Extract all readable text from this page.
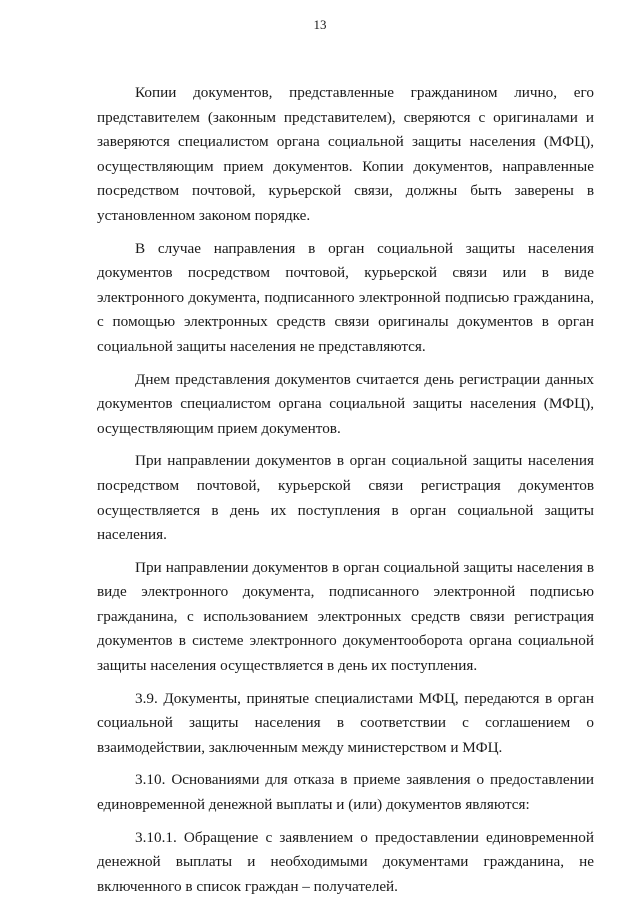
13

Копии документов, представленные гражданином лично, его представителем (законным представителем), сверяются с оригиналами и заверяются специалистом органа социальной защиты населения (МФЦ), осуществляющим прием документов. Копии документов, направленные посредством почтовой, курьерской связи, должны быть заверены в установленном законом порядке.

В случае направления в орган социальной защиты населения документов посредством почтовой, курьерской связи или в виде электронного документа, подписанного электронной подписью гражданина, с помощью электронных средств связи оригиналы документов в орган социальной защиты населения не представляются.

Днем представления документов считается день регистрации данных документов специалистом органа социальной защиты населения (МФЦ), осуществляющим прием документов.

При направлении документов в орган социальной защиты населения посредством почтовой, курьерской связи регистрация документов осуществляется в день их поступления в орган социальной защиты населения.

При направлении документов в орган социальной защиты населения в виде электронного документа, подписанного электронной подписью гражданина, с использованием электронных средств связи регистрация документов в системе электронного документооборота органа социальной защиты населения осуществляется в день их поступления.

3.9. Документы, принятые специалистами МФЦ, передаются в орган социальной защиты населения в соответствии с соглашением о взаимодействии, заключенным между министерством и МФЦ.

3.10. Основаниями для отказа в приеме заявления о предоставлении единовременной денежной выплаты и (или) документов являются:

3.10.1. Обращение с заявлением о предоставлении единовременной денежной выплаты и необходимыми документами гражданина, не включенного в список граждан – получателей.
